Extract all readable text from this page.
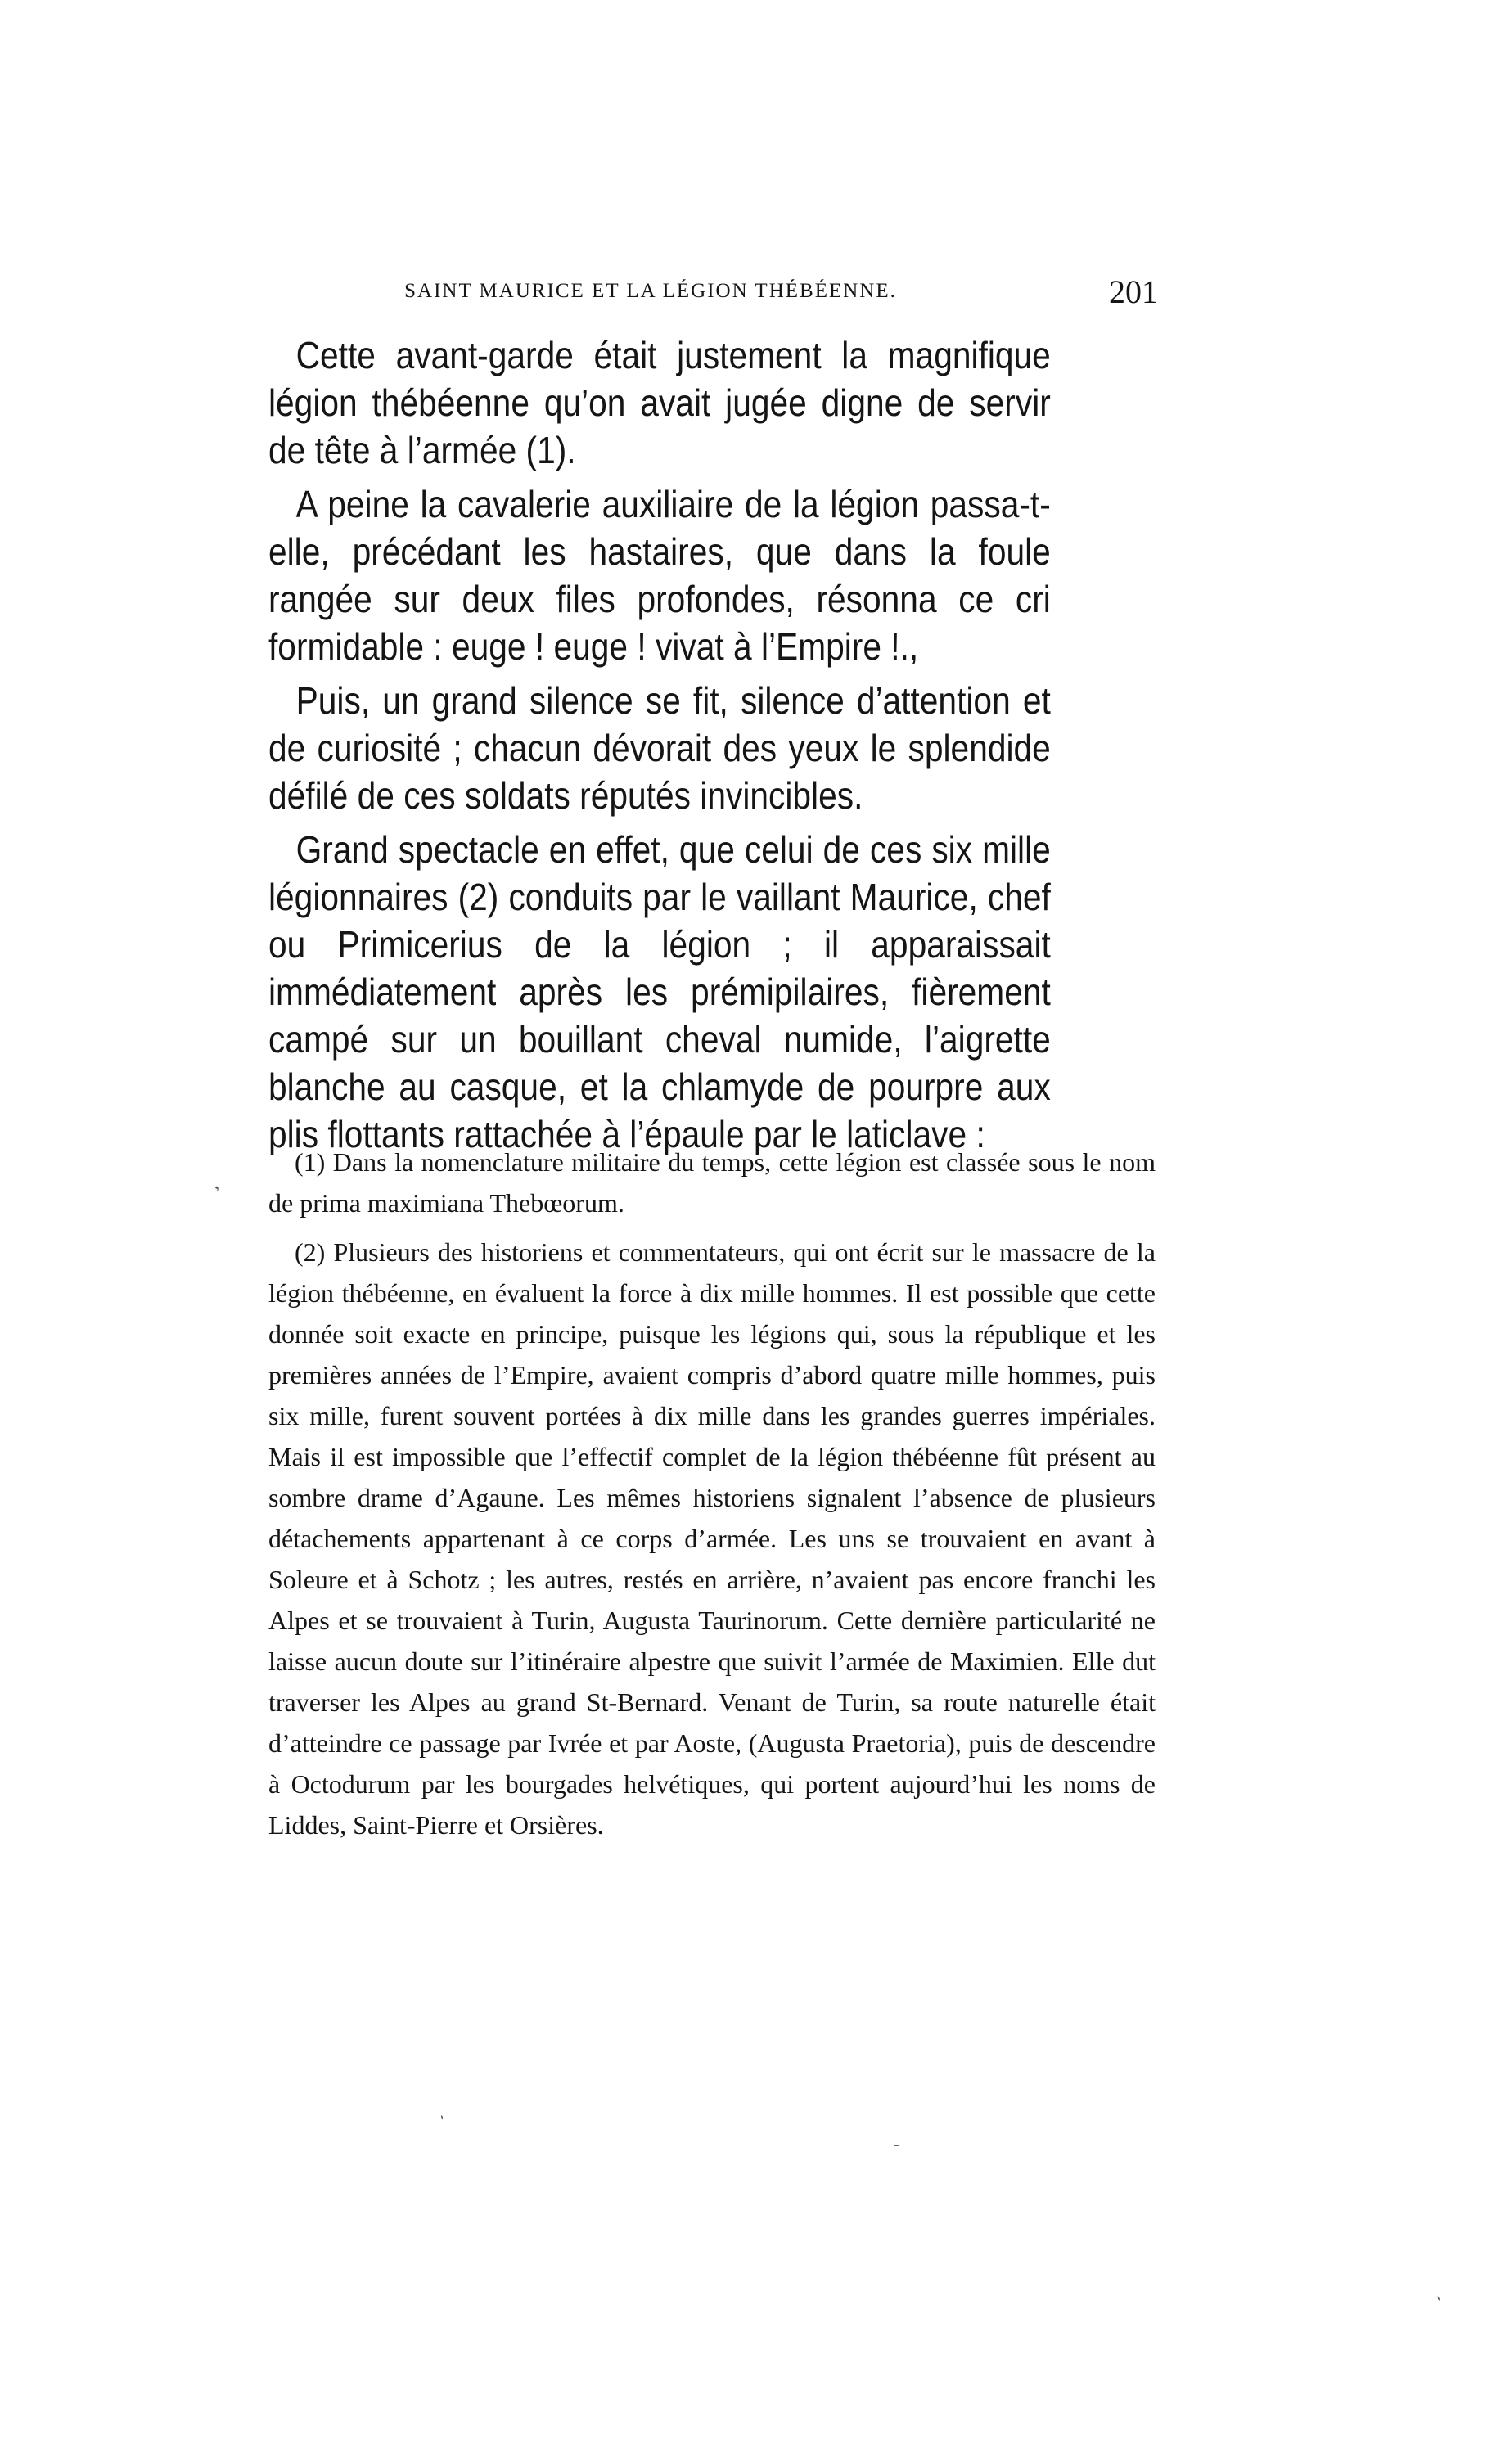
SAINT MAURICE ET LA LÉGION THÉBÉENNE.	201

Cette avant-garde était justement la magnifique légion thébéenne qu’on avait jugée digne de servir de tête à l’armée (1).

A peine la cavalerie auxiliaire de la légion passa-t-elle, précédant les hastaires, que dans la foule rangée sur deux files profondes, résonna ce cri formidable : euge ! euge ! vivat à l’Empire !.,

Puis, un grand silence se fit, silence d’attention et de curiosité ; chacun dévorait des yeux le splendide défilé de ces soldats réputés invincibles.

Grand spectacle en effet, que celui de ces six mille légionnaires (2) conduits par le vaillant Maurice, chef ou Primicerius de la légion ; il apparaissait immédiatement après les prémipilaires, fièrement campé sur un bouillant cheval numide, l’aigrette blanche au casque, et la chlamyde de pourpre aux plis flottants rattachée à l’épaule par le laticlave :

(1) Dans la nomenclature militaire du temps, cette légion est classée sous le nom de prima maximiana Thebœorum.

(2) Plusieurs des historiens et commentateurs, qui ont écrit sur le massacre de la légion thébéenne, en évaluent la force à dix mille hommes. Il est possible que cette donnée soit exacte en principe, puisque les légions qui, sous la république et les premières années de l’Empire, avaient compris d’abord quatre mille hommes, puis six mille, furent souvent portées à dix mille dans les grandes guerres impériales. Mais il est impossible que l’effectif complet de la légion thébéenne fût présent au sombre drame d’Agaune. Les mêmes historiens signalent l’absence de plusieurs détachements appartenant à ce corps d’armée. Les uns se trouvaient en avant à Soleure et à Schotz ; les autres, restés en arrière, n’avaient pas encore franchi les Alpes et se trouvaient à Turin, Augusta Taurinorum. Cette dernière particularité ne laisse aucun doute sur l’itinéraire alpestre que suivit l’armée de Maximien. Elle dut traverser les Alpes au grand St-Bernard. Venant de Turin, sa route naturelle était d’atteindre ce passage par Ivrée et par Aoste, (Augusta Praetoria), puis de descendre à Octodurum par les bourgades helvétiques, qui portent aujourd’hui les noms de Liddes, Saint-Pierre et Orsières.

ʼ
ˋ
‐
ˎ
